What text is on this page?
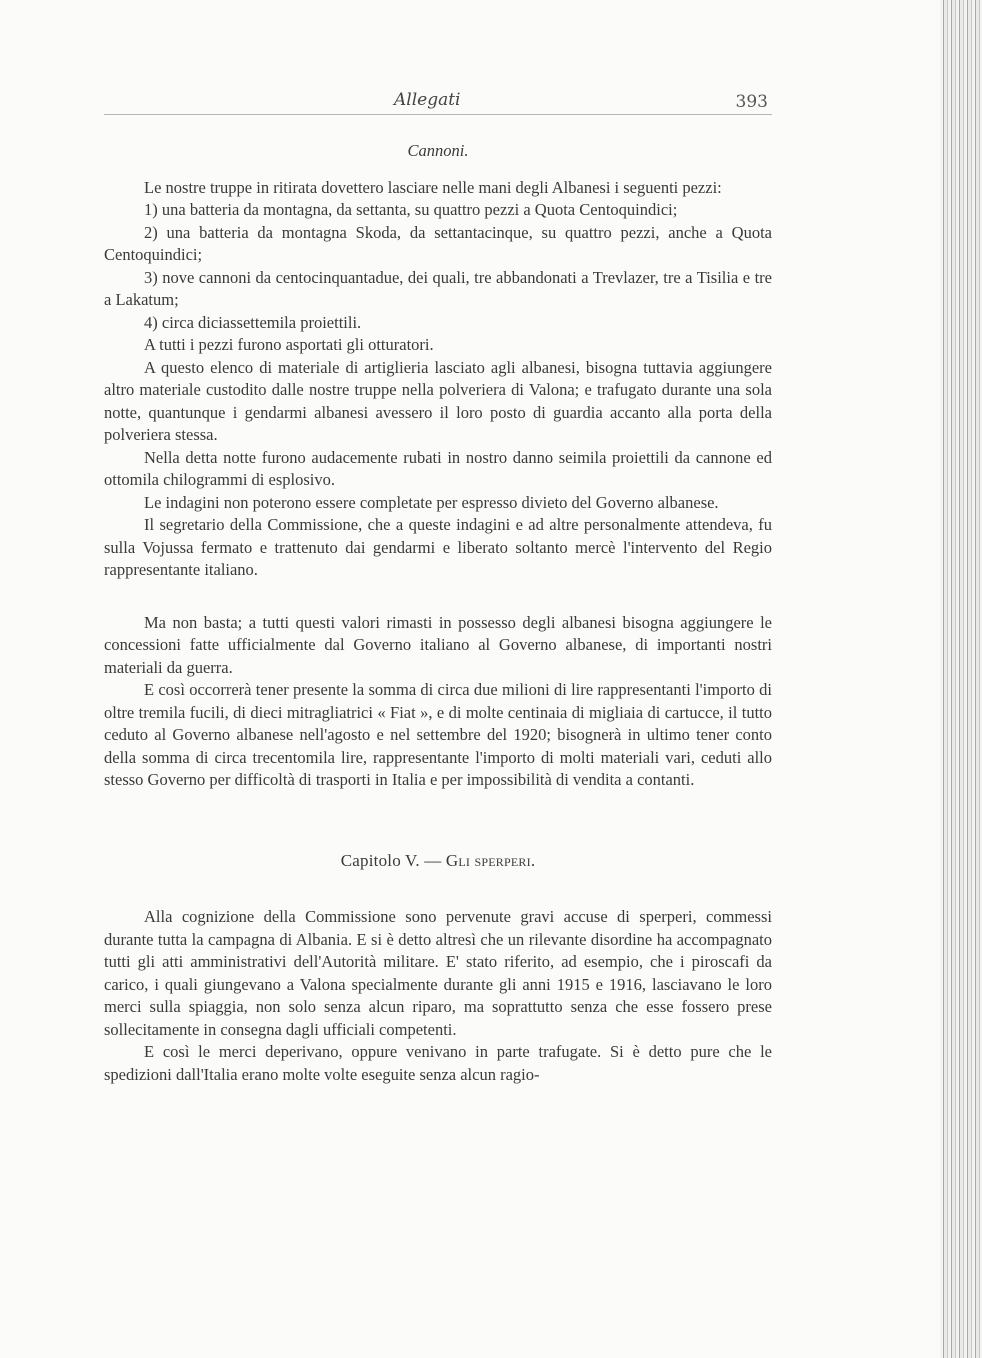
Allegati	393
Cannoni.

Le nostre truppe in ritirata dovettero lasciare nelle mani degli Albanesi i seguenti pezzi:

1) una batteria da montagna, da settanta, su quattro pezzi a Quota Centoquindici;

2) una batteria da montagna Skoda, da settantacinque, su quattro pezzi, anche a Quota Centoquindici;

3) nove cannoni da centocinquantadue, dei quali, tre abbandonati a Trevlazer, tre a Tisilia e tre a Lakatum;

4) circa diciassettemila proiettili.

A tutti i pezzi furono asportati gli otturatori.

A questo elenco di materiale di artiglieria lasciato agli albanesi, bisogna tuttavia aggiungere altro materiale custodito dalle nostre truppe nella polveriera di Valona; e trafugato durante una sola notte, quantunque i gendarmi albanesi avessero il loro posto di guardia accanto alla porta della polveriera stessa.

Nella detta notte furono audacemente rubati in nostro danno seimila proiettili da cannone ed ottomila chilogrammi di esplosivo.

Le indagini non poterono essere completate per espresso divieto del Governo albanese.

Il segretario della Commissione, che a queste indagini e ad altre personalmente attendeva, fu sulla Vojussa fermato e trattenuto dai gendarmi e liberato soltanto mercè l'intervento del Regio rappresentante italiano.

Ma non basta; a tutti questi valori rimasti in possesso degli albanesi bisogna aggiungere le concessioni fatte ufficialmente dal Governo italiano al Governo albanese, di importanti nostri materiali da guerra.

E così occorrerà tener presente la somma di circa due milioni di lire rappresentanti l'importo di oltre tremila fucili, di dieci mitragliatrici « Fiat », e di molte centinaia di migliaia di cartucce, il tutto ceduto al Governo albanese nell'agosto e nel settembre del 1920; bisognerà in ultimo tener conto della somma di circa trecentomila lire, rappresentante l'importo di molti materiali vari, ceduti allo stesso Governo per difficoltà di trasporti in Italia e per impossibilità di vendita a contanti.

Capitolo V. — Gli sperperi.

Alla cognizione della Commissione sono pervenute gravi accuse di sperperi, commessi durante tutta la campagna di Albania. E si è detto altresì che un rilevante disordine ha accompagnato tutti gli atti amministrativi dell'Autorità militare. E' stato riferito, ad esempio, che i piroscafi da carico, i quali giungevano a Valona specialmente durante gli anni 1915 e 1916, lasciavano le loro merci sulla spiaggia, non solo senza alcun riparo, ma soprattutto senza che esse fossero prese sollecitamente in consegna dagli ufficiali competenti.

E così le merci deperivano, oppure venivano in parte trafugate. Si è detto pure che le spedizioni dall'Italia erano molte volte eseguite senza alcun ragio-
